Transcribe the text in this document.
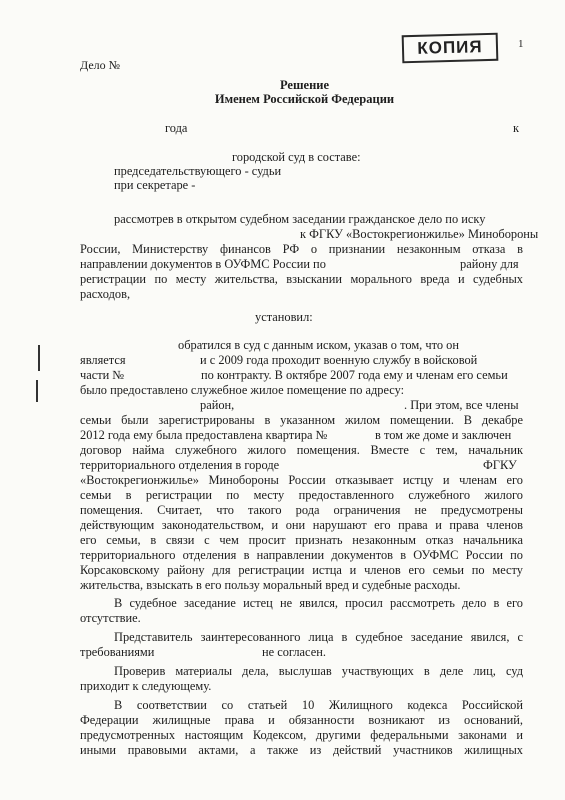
КОПИЯ	1
Дело №
Решение
Именем Российской Федерации
года	к
городской суд в составе:
председательствующего - судьи
при секретаре -
рассмотрев в открытом судебном заседании гражданское дело по иску
к ФГКУ «Востокрегионжилье» Минобороны
России, Министерству финансов РФ о признании незаконным отказа в
направлении документов в ОУФМС России по	району для
регистрации по месту жительства, взыскании морального вреда и судебных
расходов,
установил:
обратился в суд с данным иском, указав о том, что он
является	и с 2009 года проходит военную службу в войсковой
части №	по контракту. В октябре 2007 года ему и членам его семьи
было предоставлено служебное жилое помещение по адресу:
район,	. При этом, все члены
семьи были зарегистрированы в указанном жилом помещении. В декабре
2012 года ему была предоставлена квартира №	в том же доме и заключен
договор найма служебного жилого помещения. Вместе с тем, начальник
территориального отделения в городе	ФГКУ
«Востокрегионжилье» Минобороны России отказывает истцу и членам его
семьи в регистрации по месту предоставленного служебного жилого
помещения. Считает, что такого рода ограничения не предусмотрены
действующим законодательством, и они нарушают его права и права членов
его семьи, в связи с чем просит признать незаконным отказ начальника
территориального отделения в направлении документов в ОУФМС России по
Корсаковскому району для регистрации истца и членов его семьи по месту
жительства, взыскать в его пользу моральный вред и судебные расходы.
В судебное заседание истец не явился, просил рассмотреть дело в его
отсутствие.
Представитель заинтересованного лица в судебное заседание явился, с
требованиями	не согласен.
Проверив материалы дела, выслушав участвующих в деле лиц, суд
приходит к следующему.
В соответствии со статьей 10 Жилищного кодекса Российской
Федерации жилищные права и обязанности возникают из оснований,
предусмотренных настоящим Кодексом, другими федеральными законами и
иными правовыми актами, а также из действий участников жилищных
